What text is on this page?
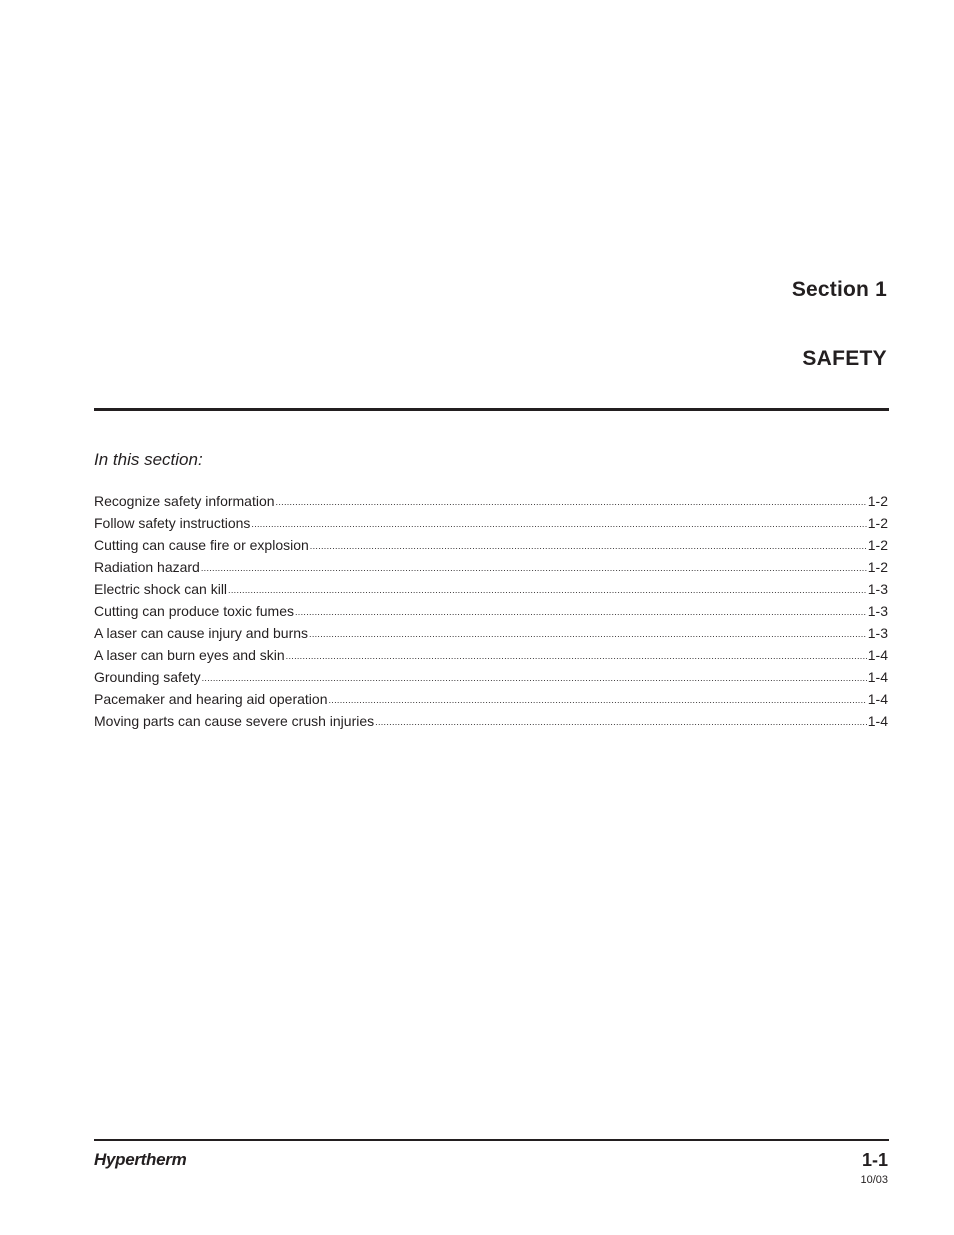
Section 1
SAFETY

In this section:

Recognize safety information .....	1-2
Follow safety instructions .....	1-2
Cutting can cause fire or explosion .....	1-2
Radiation hazard .....	1-2
Electric shock can kill .....	1-3
Cutting can produce toxic fumes .....	1-3
A laser can cause injury and burns .....	1-3
A laser can burn eyes and skin .....	1-4
Grounding safety .....	1-4
Pacemaker and hearing aid operation .....	1-4
Moving parts can cause severe crush injuries .....	1-4

Hypertherm	1-1

10/03
